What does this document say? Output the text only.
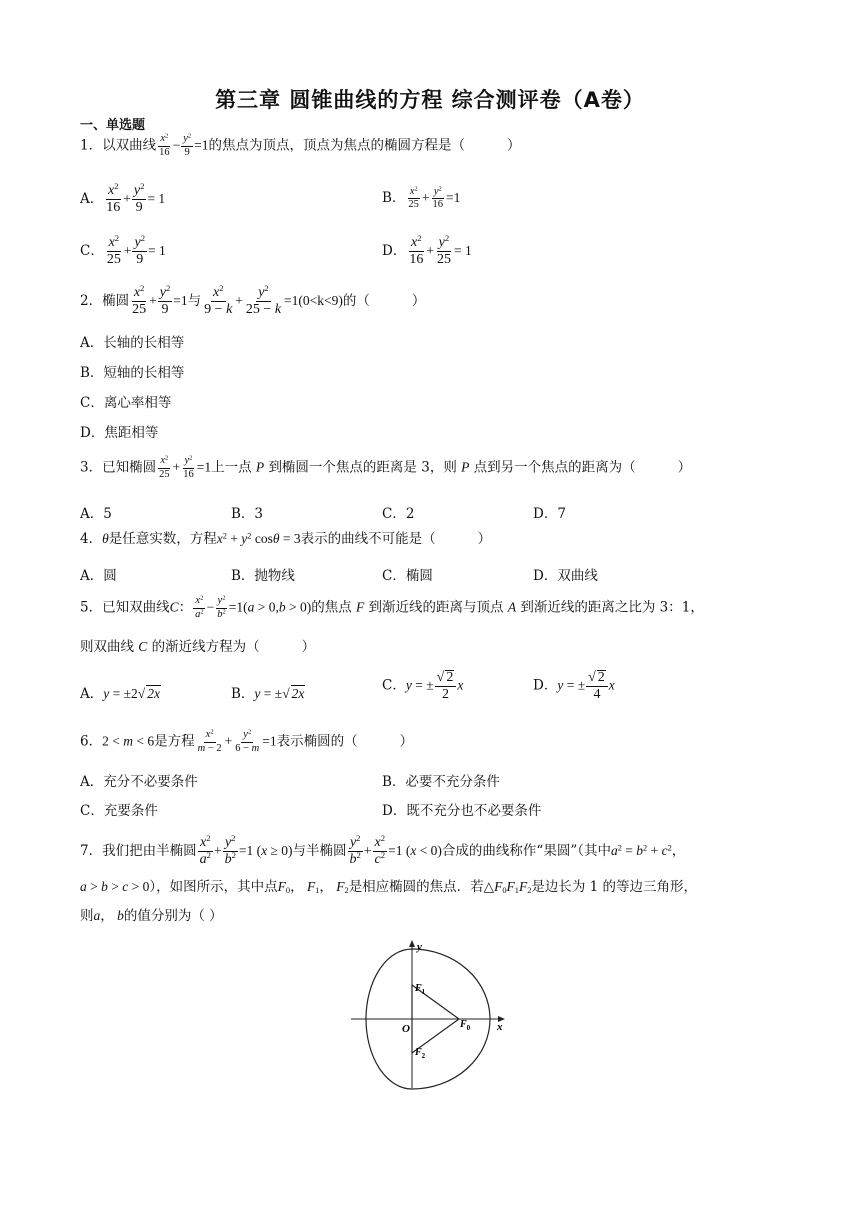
第三章 圆锥曲线的方程 综合测评卷（A卷）
一、单选题
1．以双曲线 $\frac{x^2}{16} - \frac{y^2}{9} =1$的焦点为顶点，顶点为焦点的椭圆方程是（	）
A． $\frac{x^2}{16} + \frac{y^2}{9} = 1$	B． $\frac{x^2}{25} + \frac{y^2}{16} =1$
C． $\frac{x^2}{25} + \frac{y^2}{9} = 1$	D． $\frac{x^2}{16} + \frac{y^2}{25} = 1$
2．椭圆 $\frac{x^2}{25} + \frac{y^2}{9} =1$与 $\frac{x^2}{9 - k} + \frac{y^2}{25 - k} =1(0<k<9)$的（	）
A．长轴的长相等
B．短轴的长相等
C．离心率相等
D．焦距相等
3．已知椭圆 $\frac{x^2}{25} + \frac{y^2}{16} =1$上一点 P 到椭圆一个焦点的距离是 3，则 P 点到另一个焦点的距离为（	）
A．5	B．3	C．2	D．7
4．θ是任意实数，方程$x^2 + y^2$ cosθ = 3表示的曲线不可能是（	）
A．圆	B．抛物线	C．椭圆	D．双曲线
5．已知双曲线C： $\frac{x^2}{a^2} - \frac{y^2}{b^2} =1(a > 0,b > 0)$的焦点 F 到渐近线的距离与顶点 A 到渐近线的距离之比为 3：1，
则双曲线 C 的渐近线方程为（	）
A．y = ±2√ 2x	B．y = ±√ 2x	C．y = ± $\frac{√ 2}{2}$ x	D．y = ± $\frac{√ 2}{4}$ x
6．2 < m < 6是方程 $\frac{x^2}{m - 2} + \frac{y^2}{6 - m} =1$表示椭圆的（	）
A．充分不必要条件	B．必要不充分条件
C．充要条件	D．既不充分也不必要条件
7．我们把由半椭圆 $\frac{x^2}{a^2} + \frac{y^2}{b^2} =1$ (x ≥ 0)与半椭圆 $\frac{y^2}{b^2} + \frac{x^2}{c^2} =1$ (x < 0)合成的曲线称作“果圆”（其中$a^2 = b^2 + c^2$，
a > b > c > 0），如图所示，其中点$F_0$， $F_1$， $F_2$是相应椭圆的焦点．若$\triangle F_0F_1F_2$是边长为 1 的等边三角形，
则a， b的值分别为（ ）
y
x
O
$F_1$
$F_2$
$F_0$
